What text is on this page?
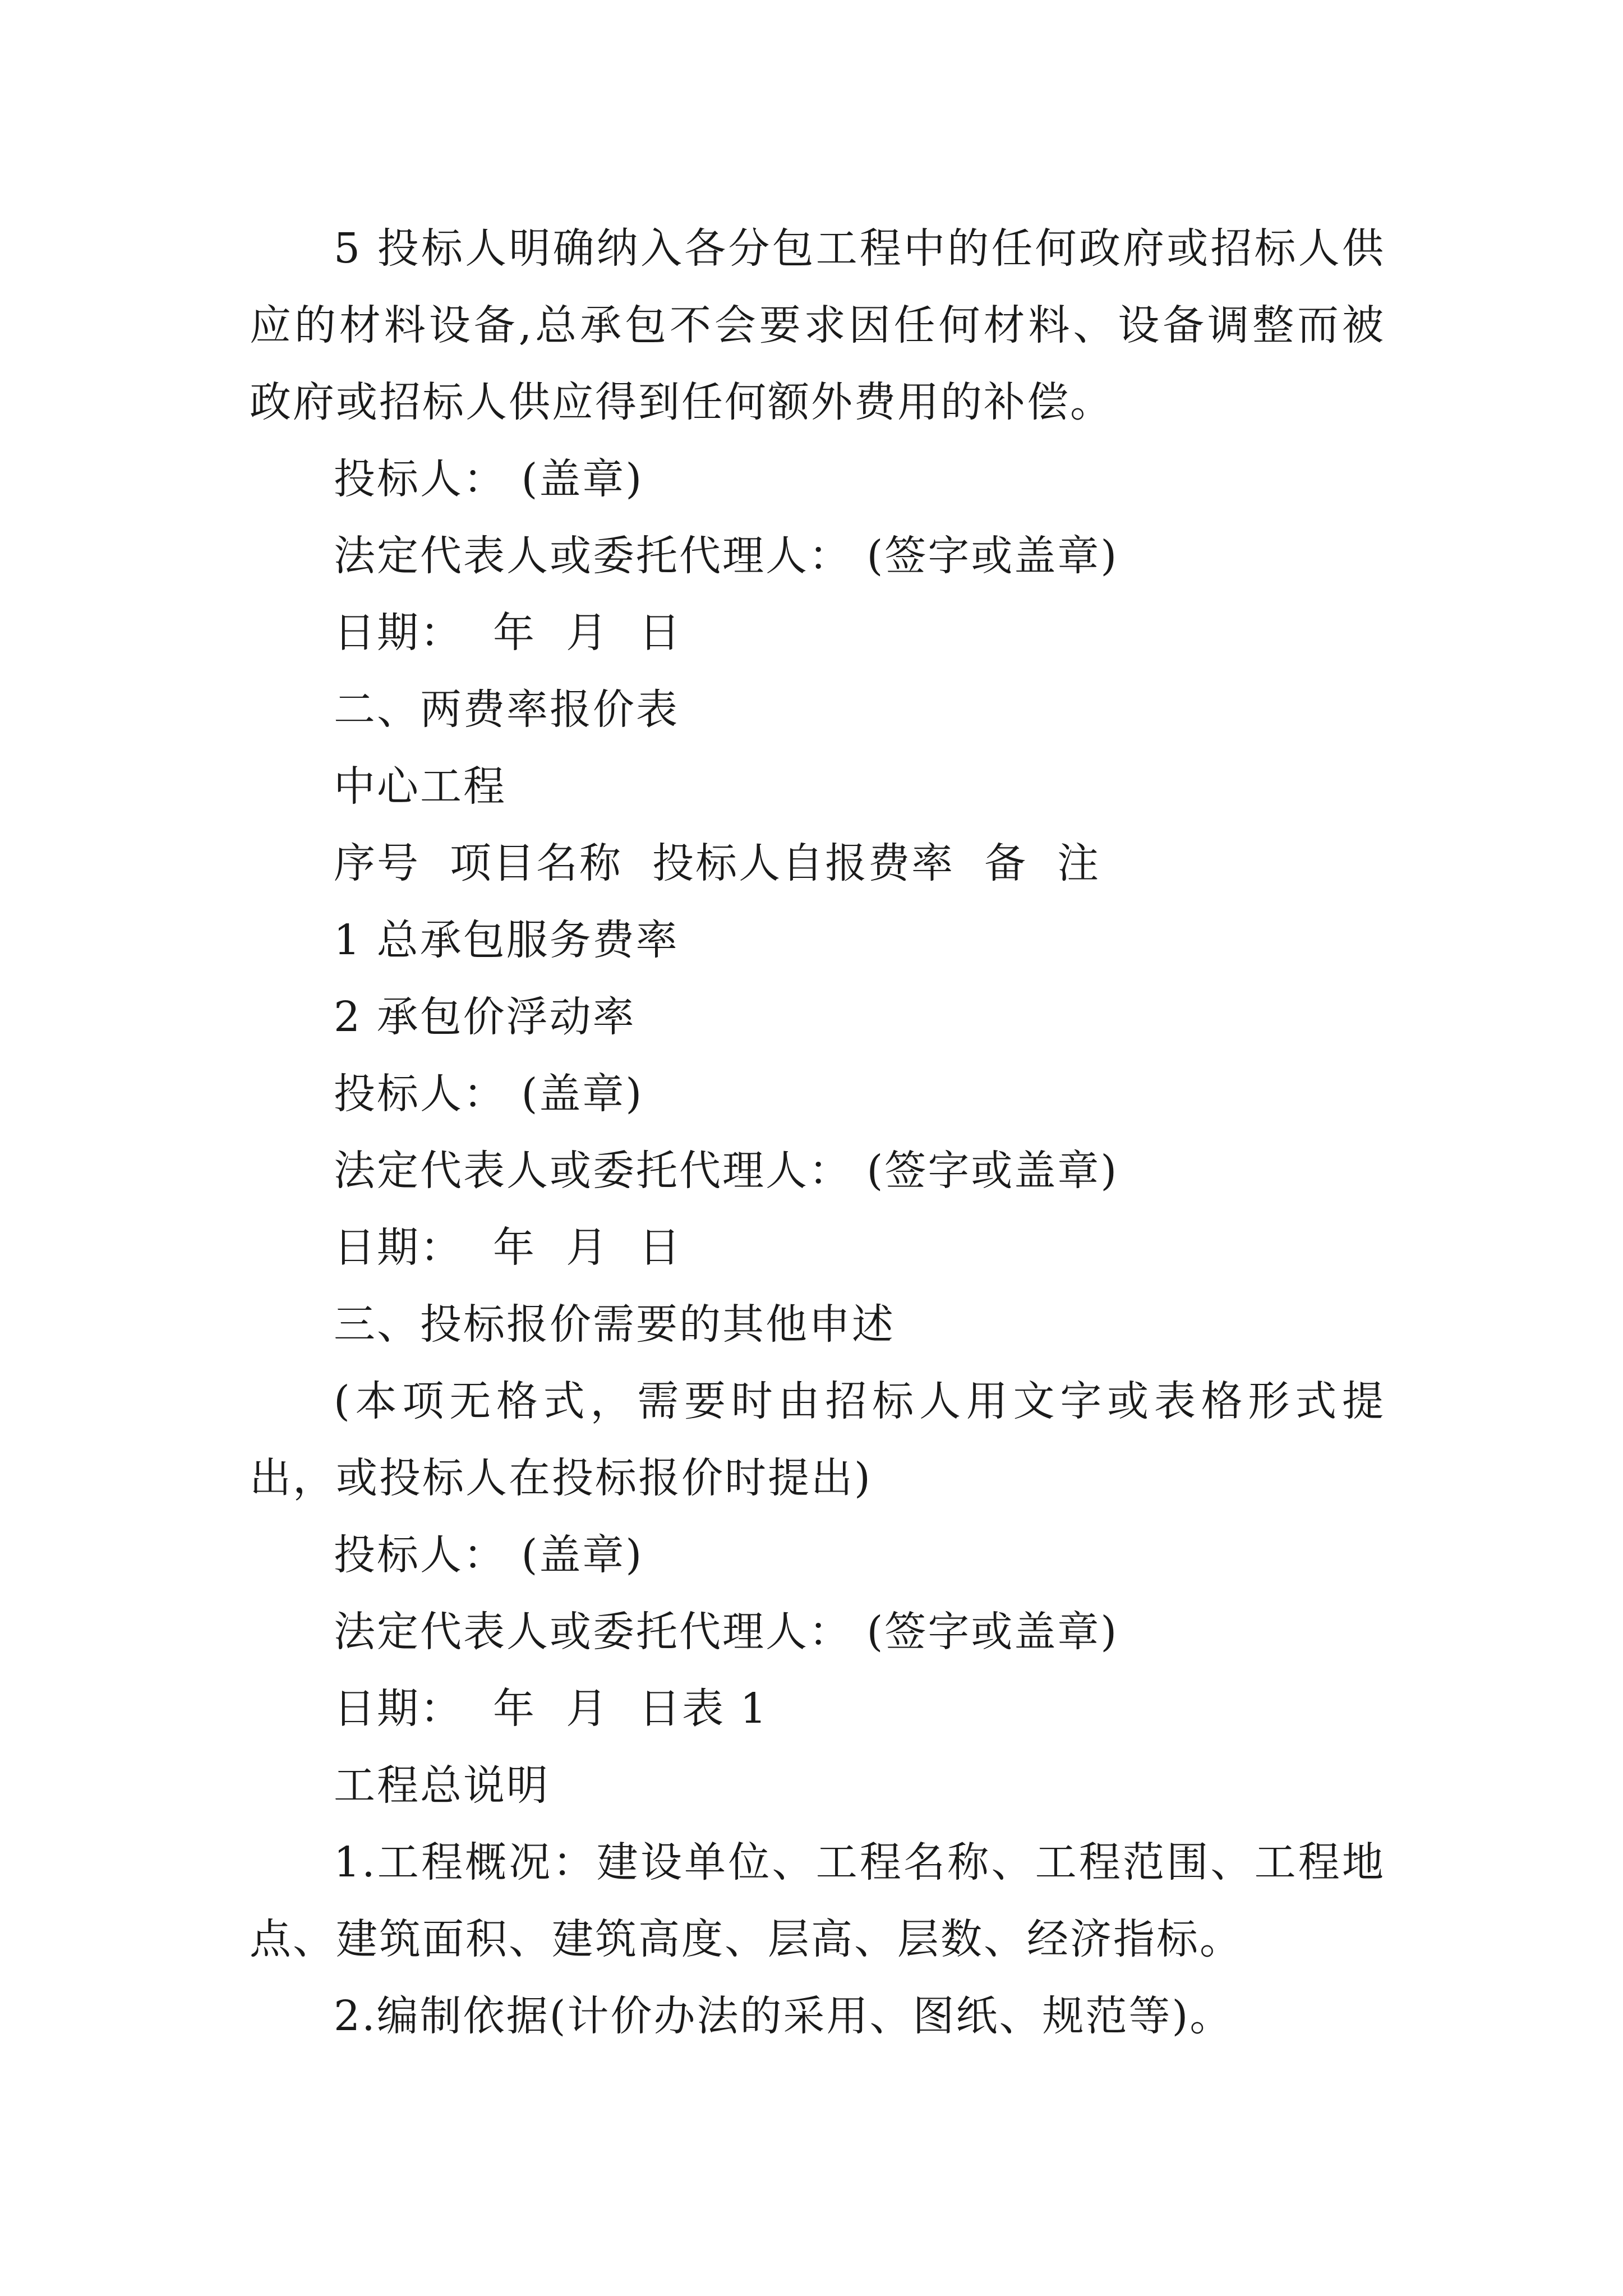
5 投标人明确纳入各分包工程中的任何政府或招标人供应的材料设备,总承包不会要求因任何材料、设备调整而被政府或招标人供应得到任何额外费用的补偿。

投标人： (盖章)

法定代表人或委托代理人： (签字或盖章)

日期：  年  月  日

二、两费率报价表

中心工程

序号  项目名称  投标人自报费率  备  注

1 总承包服务费率

2 承包价浮动率

投标人： (盖章)

法定代表人或委托代理人： (签字或盖章)

日期：  年  月  日

三、投标报价需要的其他申述

(本项无格式，需要时由招标人用文字或表格形式提出，或投标人在投标报价时提出)

投标人： (盖章)

法定代表人或委托代理人： (签字或盖章)

日期：  年  月  日表 1

工程总说明

1.工程概况：建设单位、工程名称、工程范围、工程地点、建筑面积、建筑高度、层高、层数、经济指标。

2.编制依据(计价办法的采用、图纸、规范等)。
